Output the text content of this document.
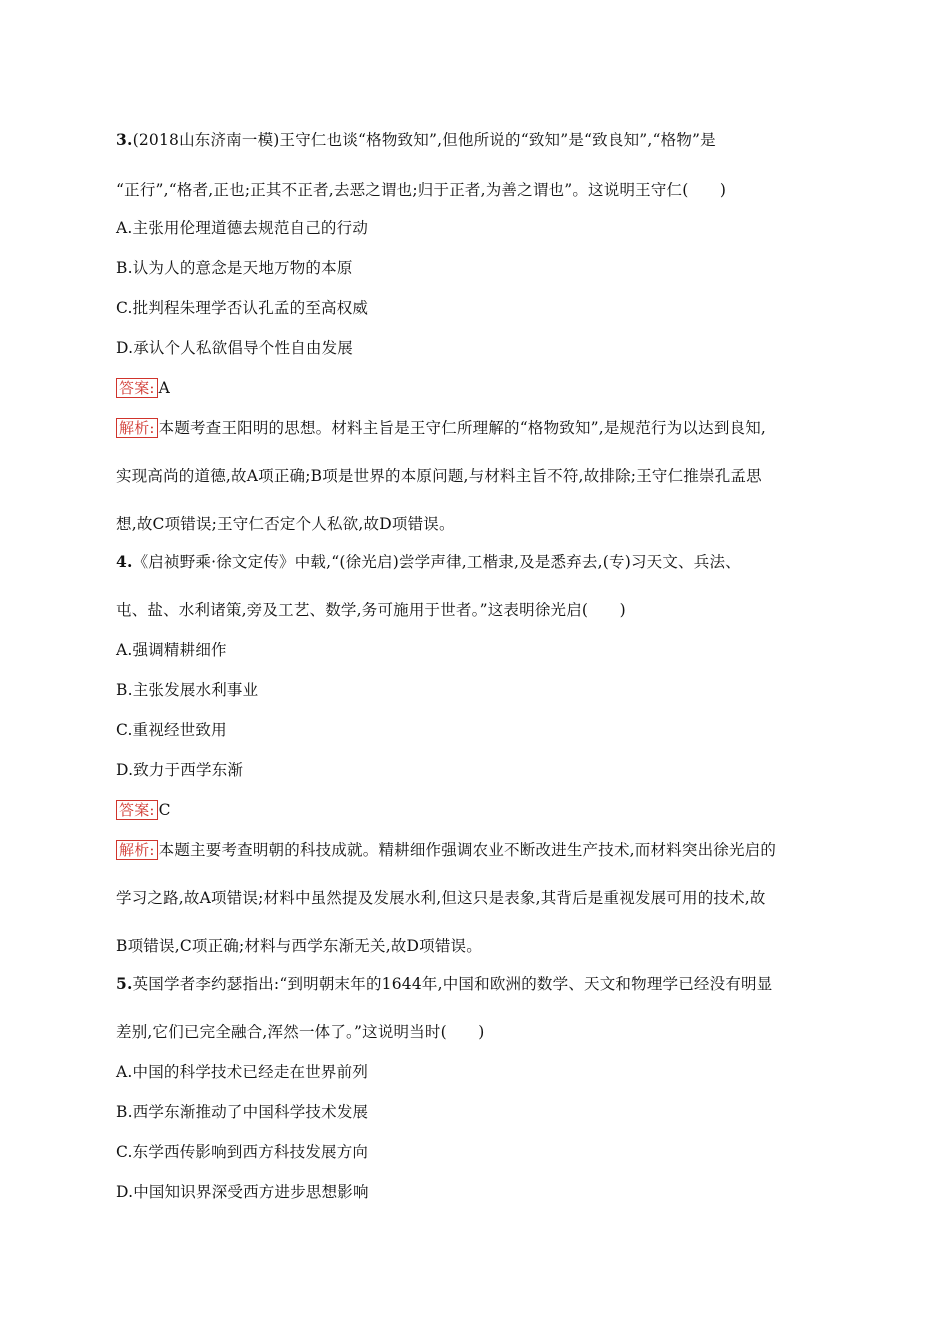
3.(2018山东济南一模)王守仁也谈“格物致知”,但他所说的“致知”是“致良知”,“格物”是
“正行”,“格者,正也;正其不正者,去恶之谓也;归于正者,为善之谓也”。这说明王守仁(　　)
A.主张用伦理道德去规范自己的行动
B.认为人的意念是天地万物的本原
C.批判程朱理学否认孔孟的至高权威
D.承认个人私欲倡导个性自由发展
答案: A
解析: 本题考查王阳明的思想。材料主旨是王守仁所理解的“格物致知”,是规范行为以达到良知,
实现高尚的道德,故A项正确;B项是世界的本原问题,与材料主旨不符,故排除;王守仁推崇孔孟思
想,故C项错误;王守仁否定个人私欲,故D项错误。
4.《启祯野乘·徐文定传》中载,“(徐光启)尝学声律,工楷隶,及是悉弃去,(专)习天文、兵法、
屯、盐、水利诸策,旁及工艺、数学,务可施用于世者。”这表明徐光启(　　)
A.强调精耕细作
B.主张发展水利事业
C.重视经世致用
D.致力于西学东渐
答案: C
解析: 本题主要考查明朝的科技成就。精耕细作强调农业不断改进生产技术,而材料突出徐光启的
学习之路,故A项错误;材料中虽然提及发展水利,但这只是表象,其背后是重视发展可用的技术,故
B项错误,C项正确;材料与西学东渐无关,故D项错误。
5.英国学者李约瑟指出:“到明朝末年的1644年,中国和欧洲的数学、天文和物理学已经没有明显
差别,它们已完全融合,浑然一体了。”这说明当时(　　)
A.中国的科学技术已经走在世界前列
B.西学东渐推动了中国科学技术发展
C.东学西传影响到西方科技发展方向
D.中国知识界深受西方进步思想影响
